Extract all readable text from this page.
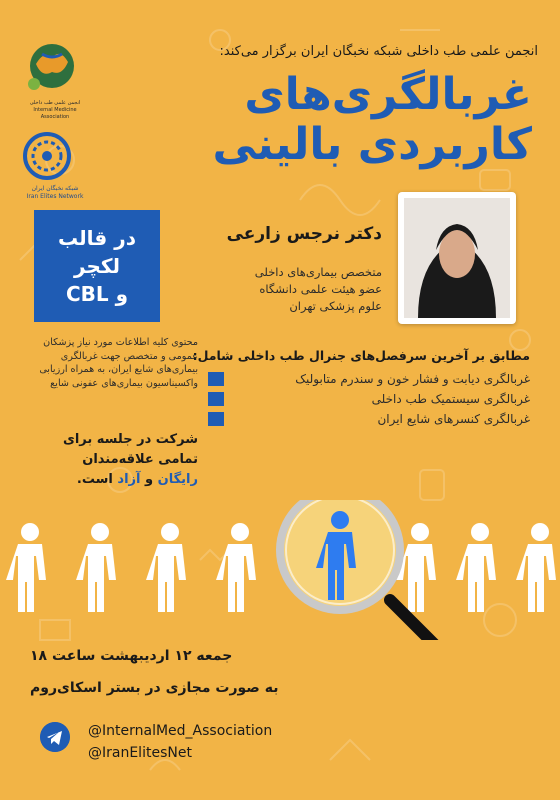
انجمن علمی طب داخلی
Internal Medicine Association
شبکه نخبگان ایران
Iran Elites Network
انجمن علمی طب داخلی شبکه نخبگان ایران برگزار می‌کند:
غربالگری‌های
کاربردی بالینی
دکتر نرجس زارعی
متخصص بیماری‌های داخلی
عضو هیئت علمی دانشگاه
علوم پزشکی تهران
در قالب
لکچر
و CBL
محتوی کلیه اطلاعات مورد نیاز پزشکان عمومی و متخصص جهت غربالگری بیماری‌های شایع ایران، به همراه ارزیابی واکسیناسیون بیماری‌های عفونی شایع
شرکت در جلسه برای تمامی علاقه‌مندان رایگان و آزاد است.
مطابق بر آخرین سرفصل‌های جنرال طب داخلی شامل:
غربالگری دیابت و فشار خون و سندرم متابولیک
غربالگری سیستمیک طب داخلی
غربالگری کنسرهای شایع ایران
جمعه ۱۲ اردیبهشت ساعت ۱۸
به صورت مجازی در بستر اسکای‌روم
@InternalMed_Association
@IranElitesNet
